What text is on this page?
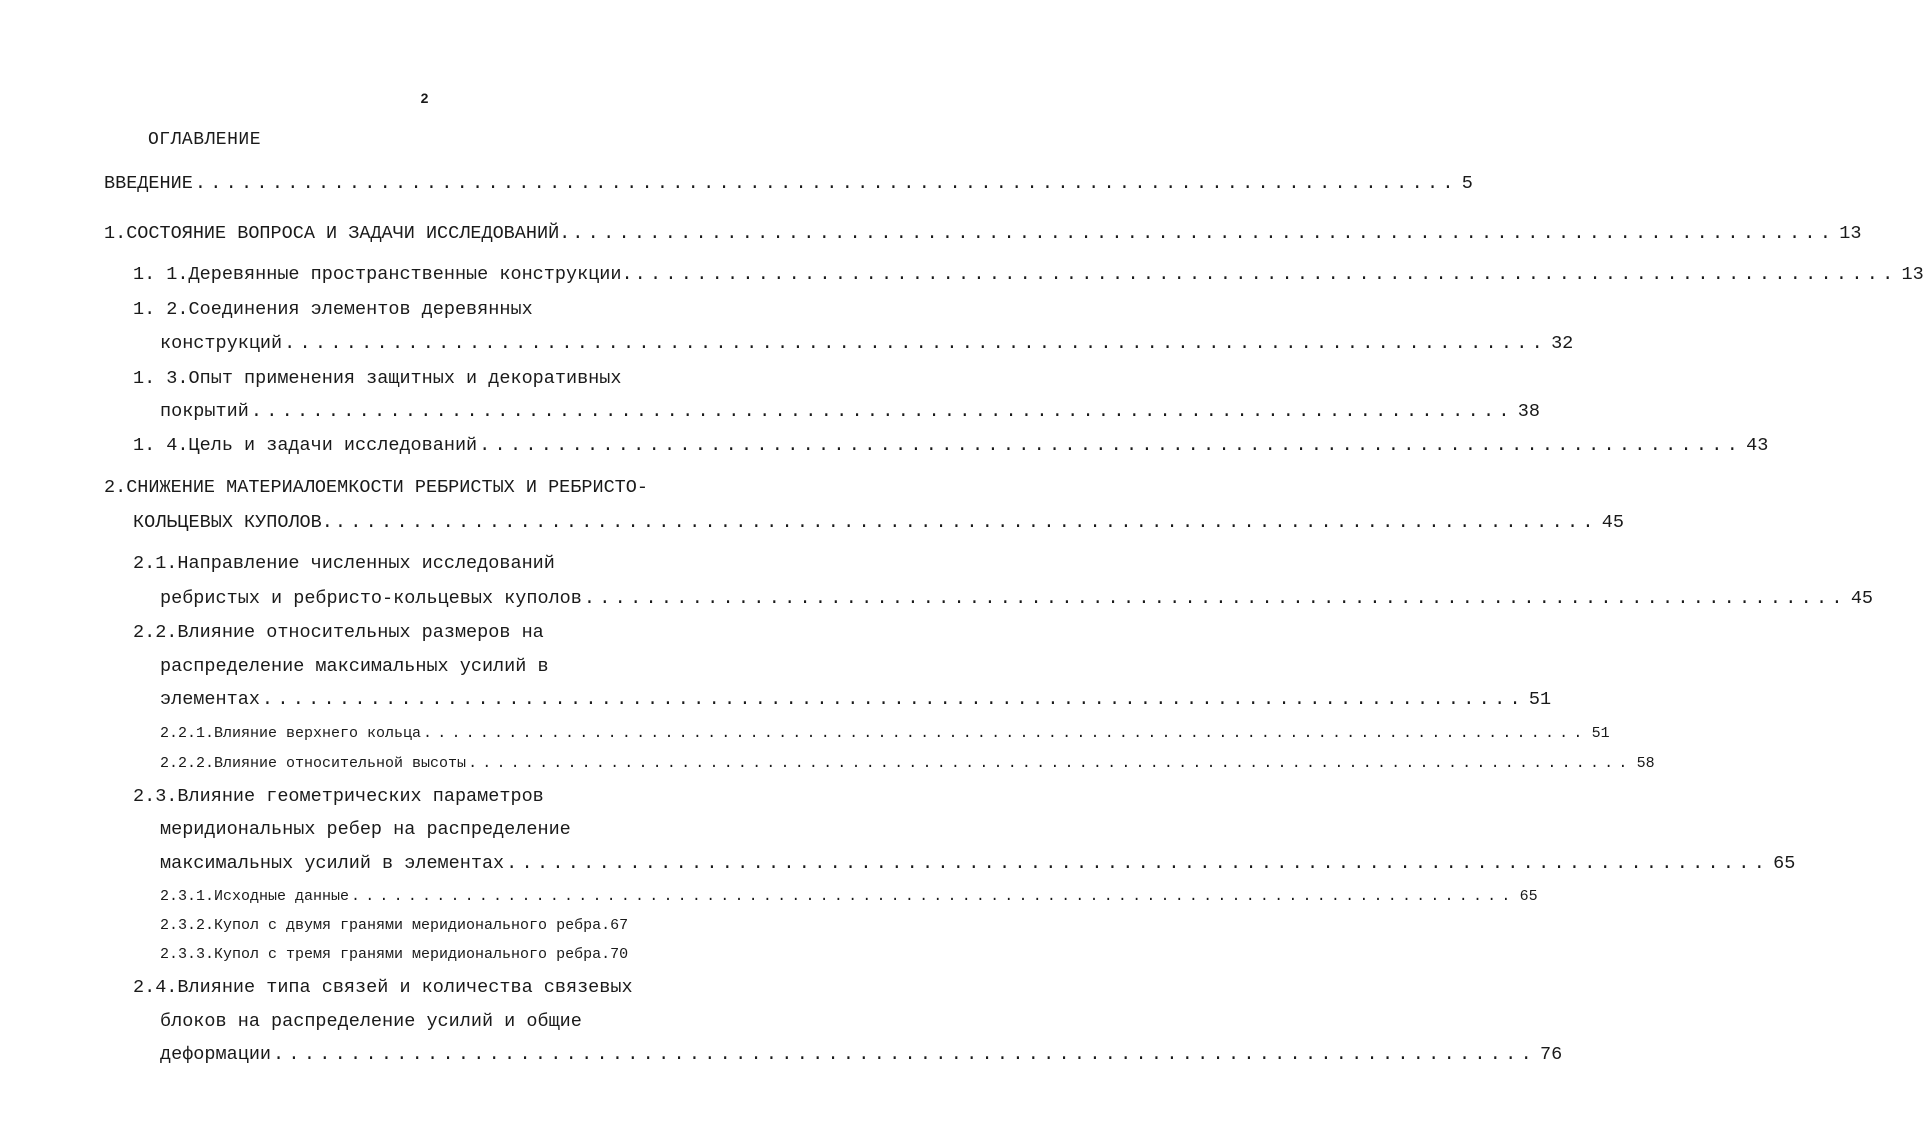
2
ОГЛАВЛЕНИЕ
ВВЕДЕНИЕ .................................................................................. 5
1.СОСТОЯНИЕ ВОПРОСА И ЗАДАЧИ ИССЛЕДОВАНИЙ. .................................................................................. 13
1. 1.Деревянные пространственные конструкции. .................................................................................. 13
1. 2.Соединения элементов деревянных
конструкций .................................................................................. 32
1. 3.Опыт применения защитных и декоративных
покрытий .................................................................................. 38
1. 4.Цель и задачи исследований .................................................................................. 43
2.СНИЖЕНИЕ МАТЕРИАЛОЕМКОСТИ РЕБРИСТЫХ И РЕБРИСТО-
КОЛЬЦЕВЫХ КУПОЛОВ. .................................................................................. 45
2.1.Направление численных исследований
ребристых и ребристо-кольцевых куполов .................................................................................. 45
2.2.Влияние относительных размеров на
распределение максимальных усилий в
элементах .................................................................................. 51
2.2.1.Влияние верхнего кольца .................................................................................. 51
2.2.2.Влияние относительной высоты .................................................................................. 58
2.3.Влияние геометрических параметров
меридиональных ребер на распределение
максимальных усилий в элементах .................................................................................. 65
2.3.1.Исходные данные .................................................................................. 65
2.3.2.Купол с двумя гранями меридионального ребра. 67
2.3.3.Купол с тремя гранями меридионального ребра. 70
2.4.Влияние типа связей и количества связевых
блоков на распределение усилий и общие
деформации .................................................................................. 76
